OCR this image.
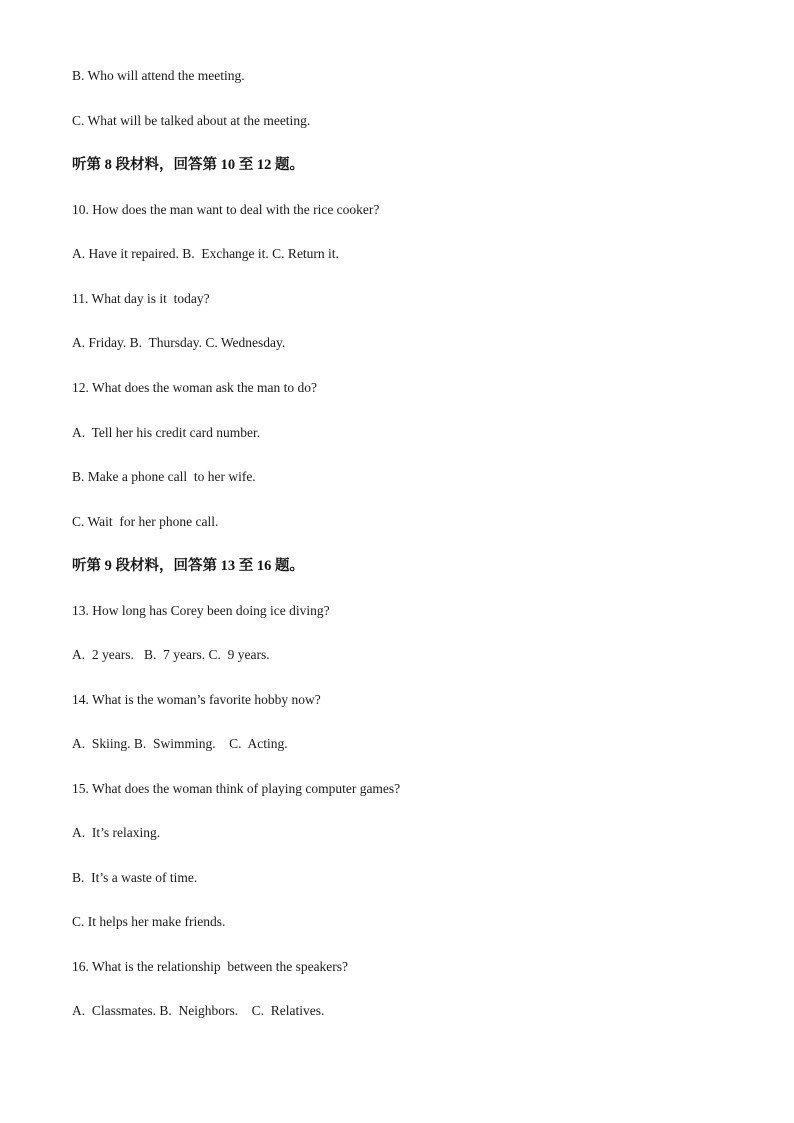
B. Who will attend the meeting.
C. What will be talked about at the meeting.
听第 8 段材料，回答第 10 至 12 题。
10. How does the man want to deal with the rice cooker?
A. Have it repaired. B.  Exchange it. C. Return it.
11. What day is it  today?
A. Friday. B.  Thursday. C. Wednesday.
12. What does the woman ask the man to do?
A.  Tell her his credit card number.
B. Make a phone call  to her wife.
C. Wait  for her phone call.
听第 9 段材料，回答第 13 至 16 题。
13. How long has Corey been doing ice diving?
A.  2 years.   B.  7 years. C.  9 years.
14. What is the woman’s favorite hobby now?
A.  Skiing. B.  Swimming.    C.  Acting.
15. What does the woman think of playing computer games?
A.  It’s relaxing.
B.  It’s a waste of time.
C. It helps her make friends.
16. What is the relationship  between the speakers?
A.  Classmates. B.  Neighbors.    C.  Relatives.
